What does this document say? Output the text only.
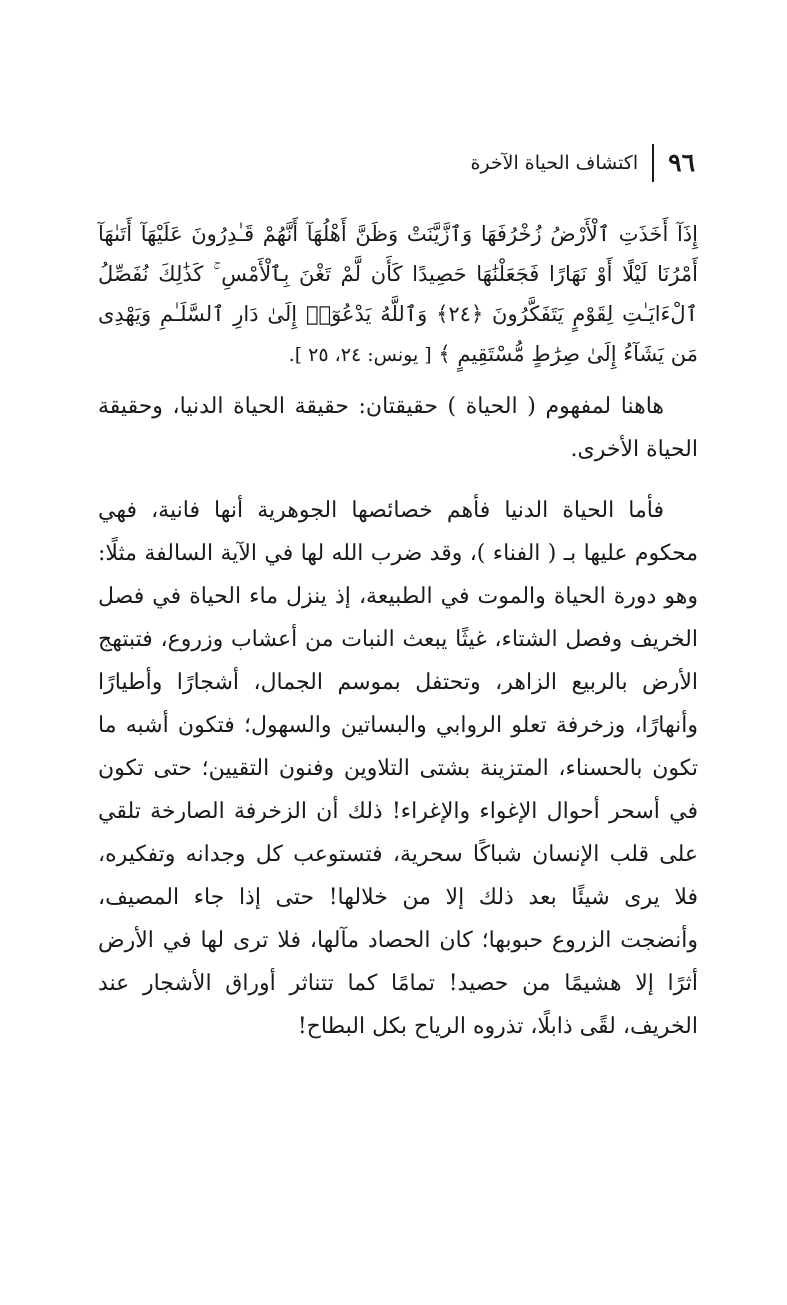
٩٦
اكتشاف الحياة الآخرة

إِذَآ أَخَذَتِ ٱلْأَرْضُ زُخْرُفَهَا وَٱزَّيَّنَتْ وَظَنَّ أَهْلُهَآ أَنَّهُمْ قَـٰدِرُونَ عَلَيْهَآ أَتَىٰهَآ أَمْرُنَا لَيْلًا أَوْ نَهَارًا فَجَعَلْنَٰهَا حَصِيدًا كَأَن لَّمْ تَغْنَ بِٱلْأَمْسِ ۚ كَذَٰلِكَ نُفَصِّلُ ٱلْءَايَـٰتِ لِقَوْمٍ يَتَفَكَّرُونَ ﴿٢٤﴾ وَٱللَّهُ يَدْعُوٓا۟ إِلَىٰ دَارِ ٱلسَّلَـٰمِ وَيَهْدِى مَن يَشَآءُ إِلَىٰ صِرَٰطٍ مُّسْتَقِيمٍ ﴾ [ يونس: ٢٤، ٢٥ ].

هاهنا لمفهوم ( الحياة ) حقيقتان: حقيقة الحياة الدنيا، وحقيقة الحياة الأخرى.

فأما الحياة الدنيا فأهم خصائصها الجوهرية أنها فانية، فهي محكوم عليها بـ ( الفناء )، وقد ضرب الله لها في الآية السالفة مثلًا: وهو دورة الحياة والموت في الطبيعة، إذ ينزل ماء الحياة في فصل الخريف وفصل الشتاء، غيثًا يبعث النبات من أعشاب وزروع، فتبتهج الأرض بالربيع الزاهر، وتحتفل بموسم الجمال، أشجارًا وأطيارًا وأنهارًا، وزخرفة تعلو الروابي والبساتين والسهول؛ فتكون أشبه ما تكون بالحسناء، المتزينة بشتى التلاوين وفنون التقيين؛ حتى تكون في أسحر أحوال الإغواء والإغراء! ذلك أن الزخرفة الصارخة تلقي على قلب الإنسان شباكًا سحرية، فتستوعب كل وجدانه وتفكيره، فلا يرى شيئًا بعد ذلك إلا من خلالها! حتى إذا جاء المصيف، وأنضجت الزروع حبوبها؛ كان الحصاد مآلها، فلا ترى لها في الأرض أثرًا إلا هشيمًا من حصيد! تمامًا كما تتناثر أوراق الأشجار عند الخريف، لقًى ذابلًا، تذروه الرياح بكل البطاح!
